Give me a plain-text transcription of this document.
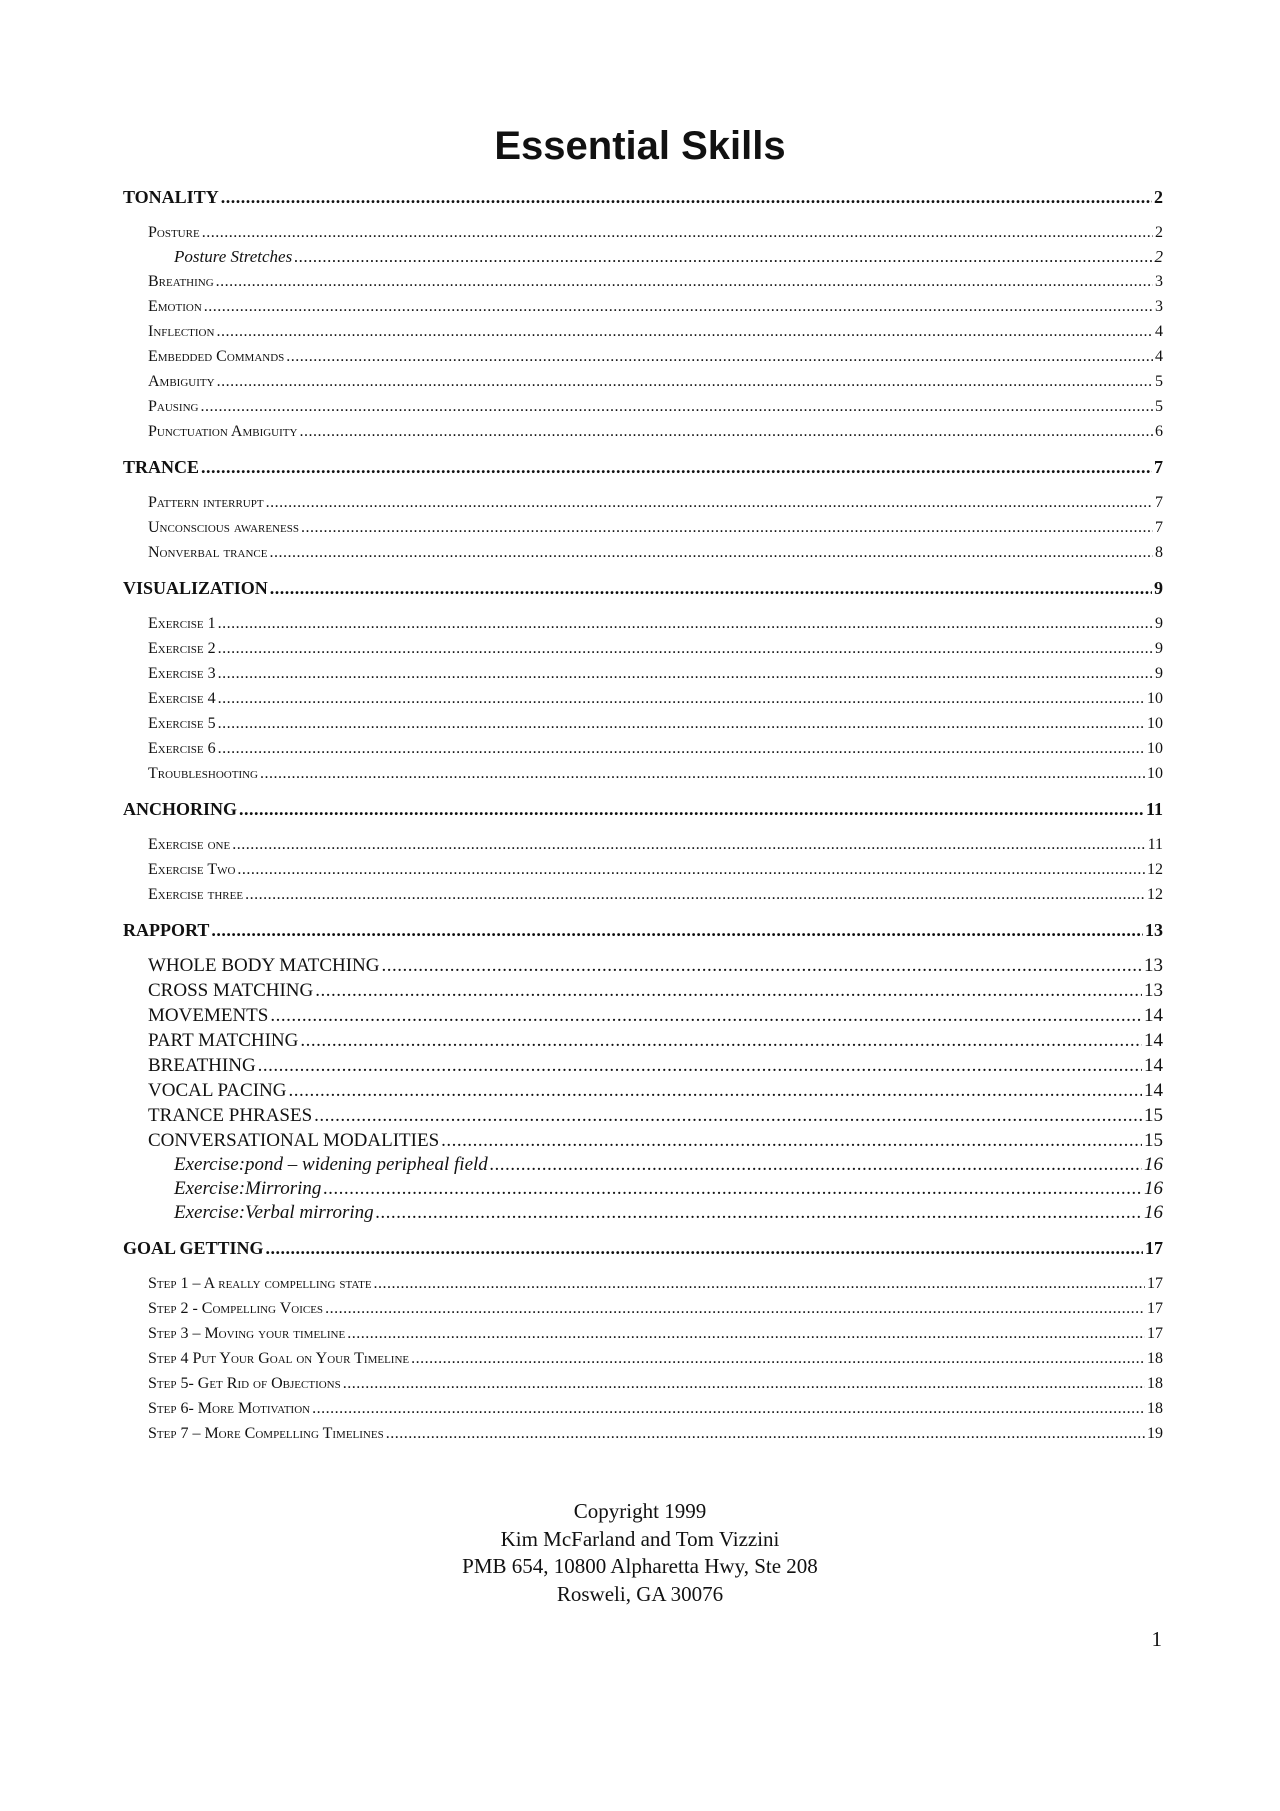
Essential Skills
TONALITY .....	2
Posture .....	2
Posture Stretches .....	2
Breathing .....	3
Emotion .....	3
Inflection .....	4
Embedded Commands .....	4
Ambiguity .....	5
Pausing .....	5
Punctuation Ambiguity .....	6
TRANCE .....	7
Pattern interrupt .....	7
Unconscious awareness .....	7
Nonverbal trance .....	8
VISUALIZATION .....	9
Exercise 1 .....	9
Exercise 2 .....	9
Exercise 3 .....	9
Exercise 4 .....	10
Exercise 5 .....	10
Exercise 6 .....	10
Troubleshooting .....	10
ANCHORING .....	11
Exercise one .....	11
Exercise Two .....	12
Exercise three .....	12
RAPPORT .....	13
WHOLE BODY MATCHING .....	13
CROSS MATCHING .....	13
MOVEMENTS .....	14
PART MATCHING .....	14
BREATHING .....	14
VOCAL PACING .....	14
TRANCE PHRASES .....	15
CONVERSATIONAL MODALITIES .....	15
Exercise: pond – widening peripheal field .....	16
Exercise: Mirroring .....	16
Exercise: Verbal mirroring .....	16
GOAL GETTING .....	17
Step 1 – A really compelling state .....	17
Step 2 - Compelling Voices .....	17
Step 3 – Moving your timeline .....	17
Step 4 Put Your Goal on Your Timeline .....	18
Step 5- Get Rid of Objections .....	18
Step 6- More Motivation .....	18
Step 7 – More Compelling Timelines .....	19
Copyright 1999
Kim McFarland and Tom Vizzini
PMB 654, 10800 Alpharetta Hwy, Ste 208
Rosweli, GA 30076
1
